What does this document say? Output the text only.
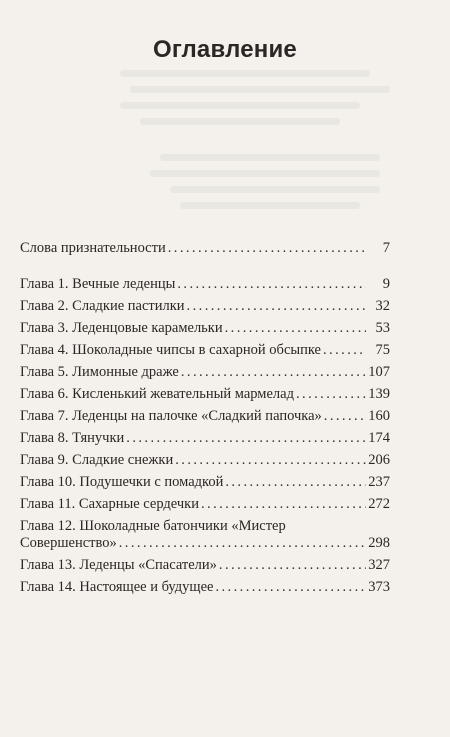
Оглавление
Слова признательности . . .	7
Глава 1. Вечные леденцы . . .	9
Глава 2. Сладкие пастилки . . .	32
Глава 3. Леденцовые карамельки . . .	53
Глава 4. Шоколадные чипсы в сахарной обсыпке . . .	75
Глава 5. Лимонные драже . . .	107
Глава 6. Кисленький жевательный мармелад . . .	139
Глава 7. Леденцы на палочке «Сладкий папочка» . . .	160
Глава 8. Тянучки . . .	174
Глава 9. Сладкие снежки . . .	206
Глава 10. Подушечки с помадкой . . .	237
Глава 11. Сахарные сердечки . . .	272
Глава 12. Шоколадные батончики «Мистер
Совершенство» . . .	298
Глава 13. Леденцы «Спасатели» . . .	327
Глава 14. Настоящее и будущее . . .	373
